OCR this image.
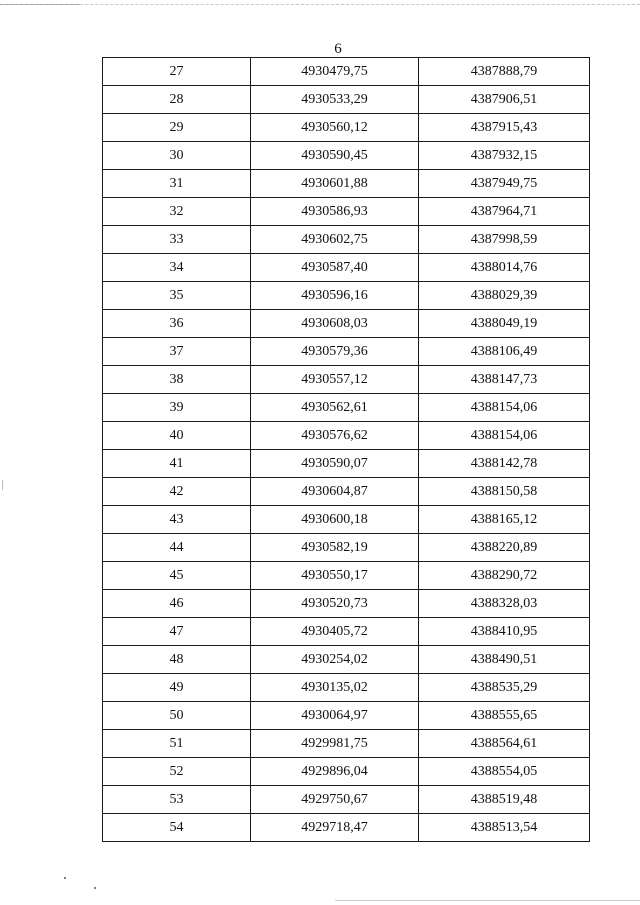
6
27	4930479,75	4387888,79
28	4930533,29	4387906,51
29	4930560,12	4387915,43
30	4930590,45	4387932,15
31	4930601,88	4387949,75
32	4930586,93	4387964,71
33	4930602,75	4387998,59
34	4930587,40	4388014,76
35	4930596,16	4388029,39
36	4930608,03	4388049,19
37	4930579,36	4388106,49
38	4930557,12	4388147,73
39	4930562,61	4388154,06
40	4930576,62	4388154,06
41	4930590,07	4388142,78
42	4930604,87	4388150,58
43	4930600,18	4388165,12
44	4930582,19	4388220,89
45	4930550,17	4388290,72
46	4930520,73	4388328,03
47	4930405,72	4388410,95
48	4930254,02	4388490,51
49	4930135,02	4388535,29
50	4930064,97	4388555,65
51	4929981,75	4388564,61
52	4929896,04	4388554,05
53	4929750,67	4388519,48
54	4929718,47	4388513,54
